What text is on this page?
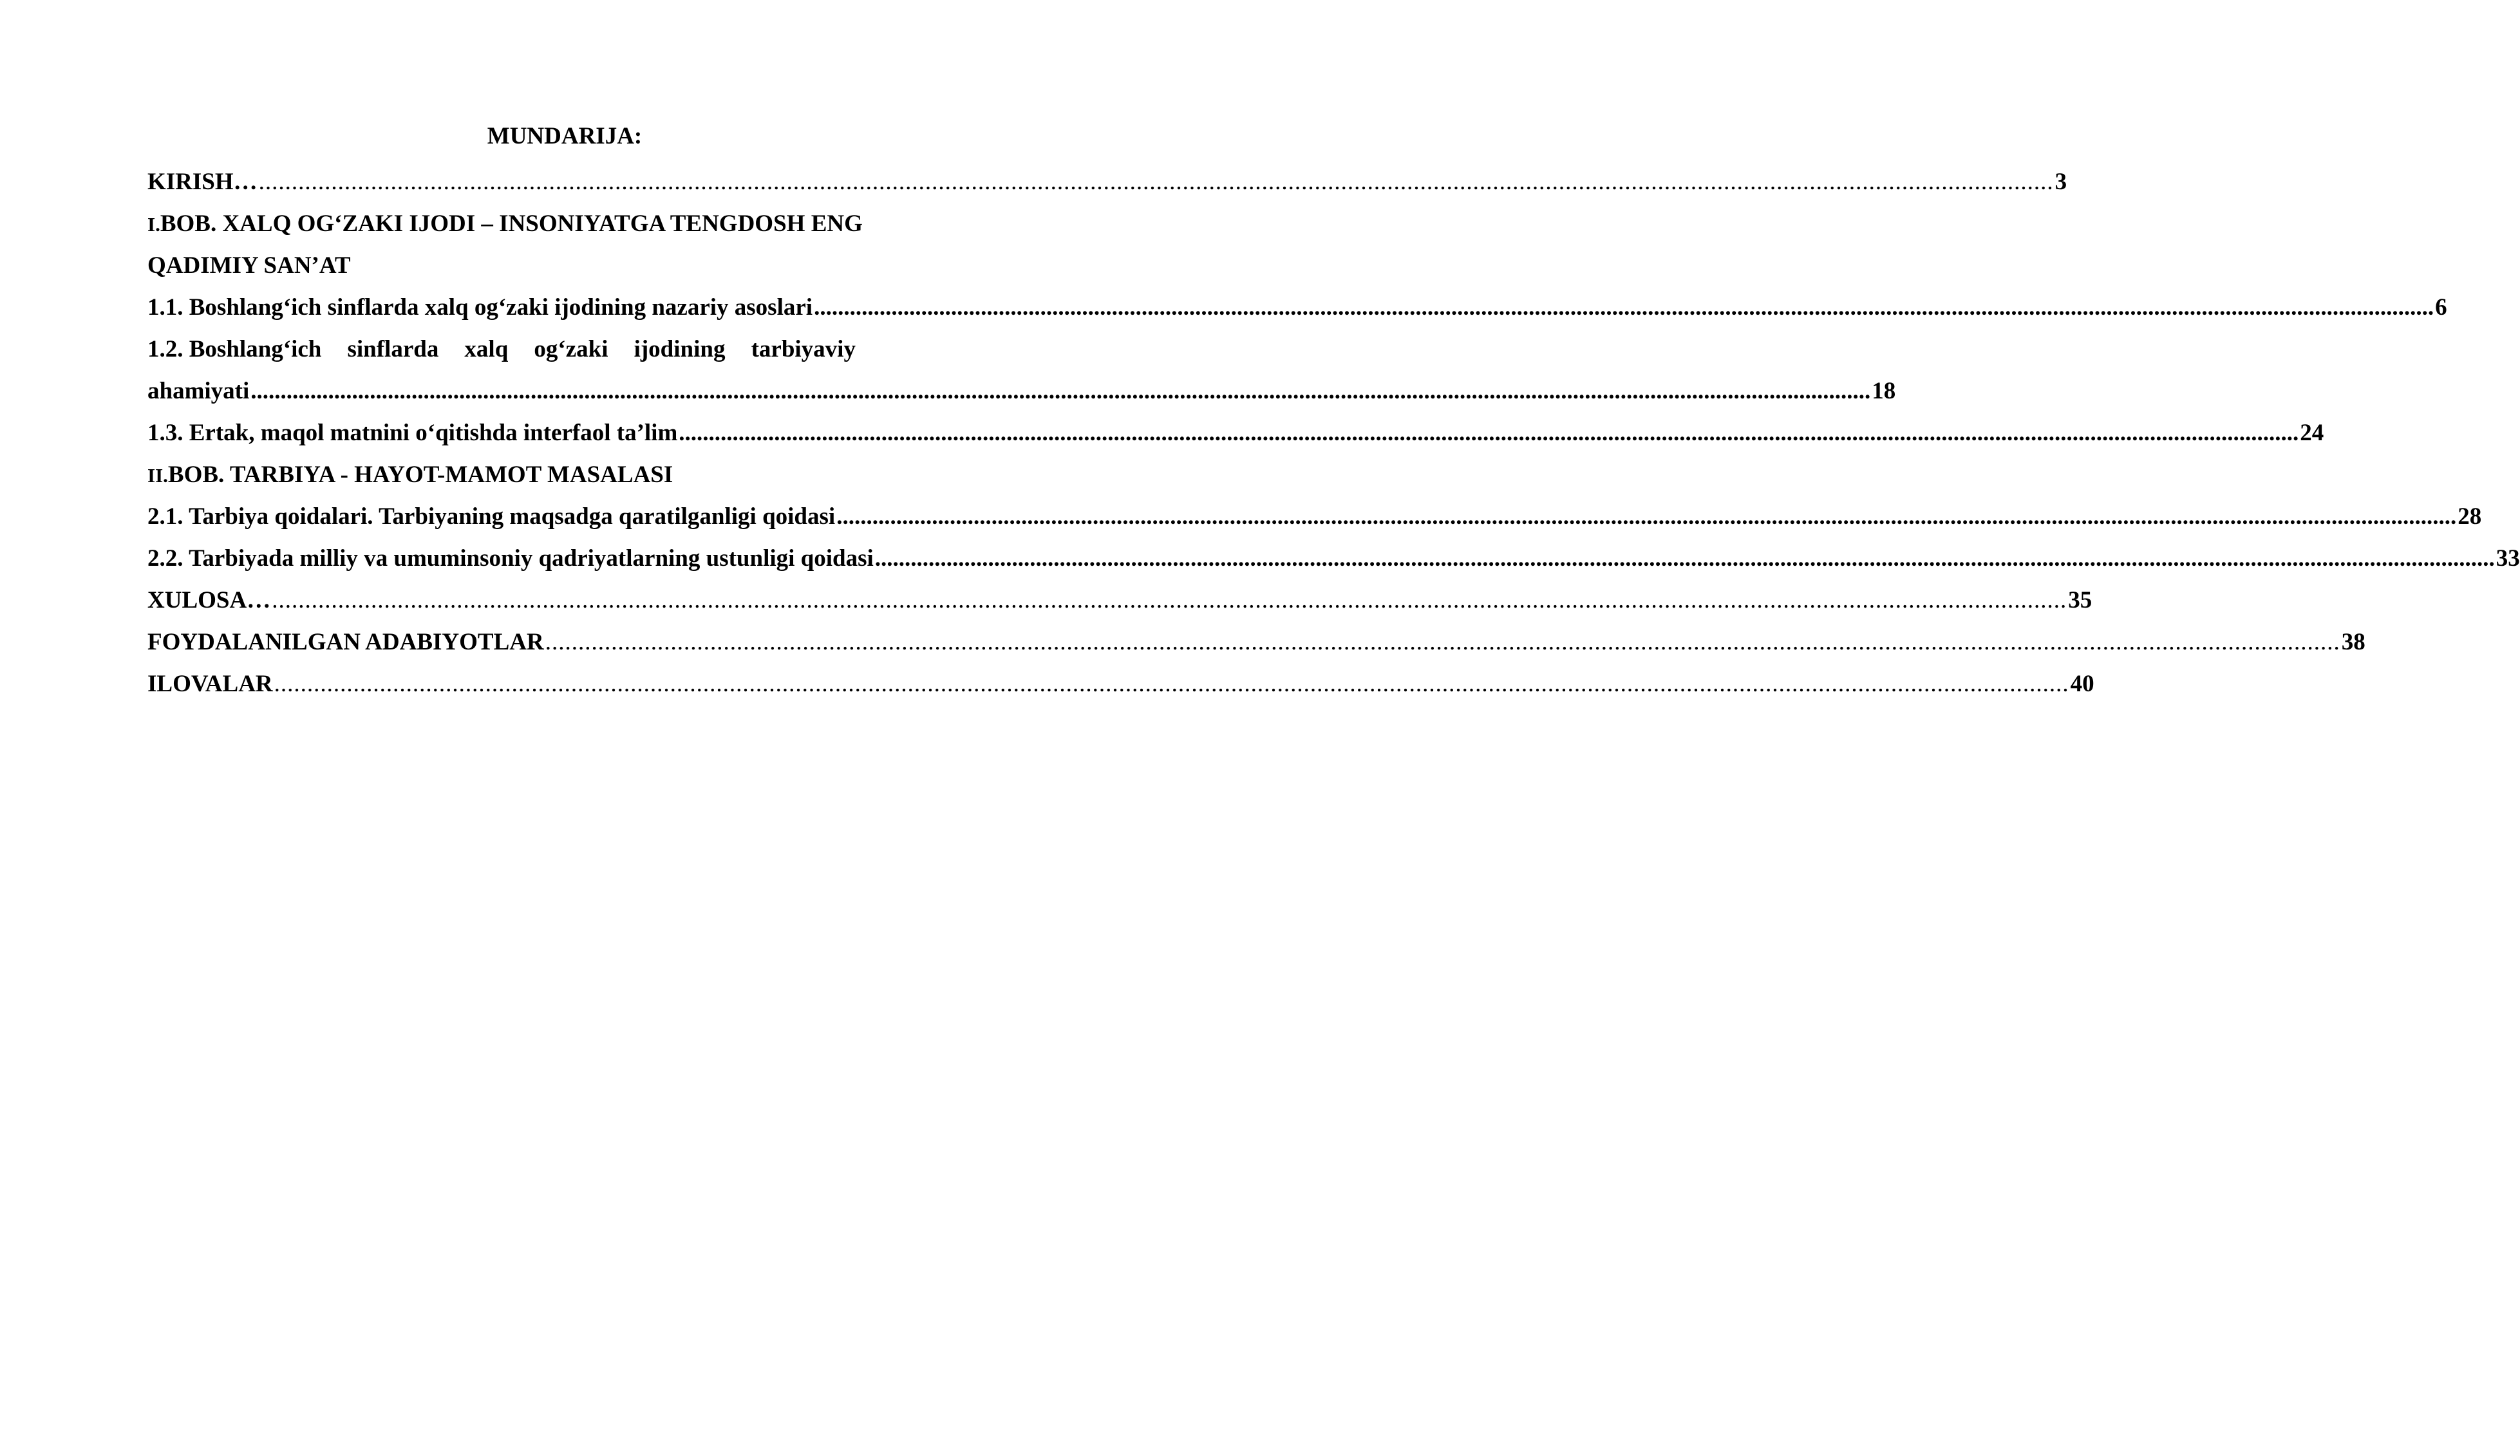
MUNDARIJA:
KIRISH… ................................................................................................................................................................................................................................................................................ 3
I. BOB. XALQ OG‘ZAKI IJODI – INSONIYATGA TENGDOSH ENG
QADIMIY SAN’AT
1.1. Boshlang‘ich sinflarda xalq og‘zaki ijodining nazariy asoslari ................................................................................................................................................................................................................................................................................ 6
1.2. Boshlang‘ich sinflarda xalq og‘zaki ijodining tarbiyaviy
ahamiyati ................................................................................................................................................................................................................................................................................ 18
1.3. Ertak, maqol matnini o‘qitishda interfaol ta’lim ................................................................................................................................................................................................................................................................................ 24
II. BOB. TARBIYA - HAYOT-MAMOT MASALASI
2.1. Tarbiya qoidalari. Tarbiyaning maqsadga qaratilganligi qoidasi ................................................................................................................................................................................................................................................................................ 28
2.2. Tarbiyada milliy va umuminsoniy qadriyatlarning ustunligi qoidasi ................................................................................................................................................................................................................................................................................ 33
XULOSA… ................................................................................................................................................................................................................................................................................ 35
FOYDALANILGAN ADABIYOTLAR ................................................................................................................................................................................................................................................................................ 38
ILOVALAR ................................................................................................................................................................................................................................................................................ 40
